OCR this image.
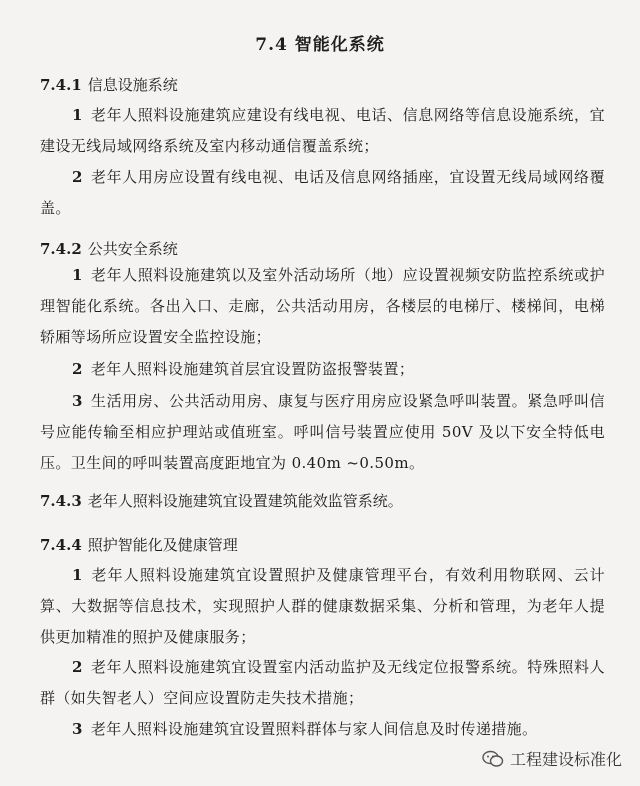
7.4 智能化系统
7.4.1 信息设施系统
1 老年人照料设施建筑应建设有线电视、电话、信息网络等信息设施系统，宜建设无线局域网络系统及室内移动通信覆盖系统；
2 老年人用房应设置有线电视、电话及信息网络插座，宜设置无线局域网络覆盖。
7.4.2 公共安全系统
1 老年人照料设施建筑以及室外活动场所（地）应设置视频安防监控系统或护理智能化系统。各出入口、走廊，公共活动用房，各楼层的电梯厅、楼梯间，电梯轿厢等场所应设置安全监控设施；
2 老年人照料设施建筑首层宜设置防盗报警装置；
3 生活用房、公共活动用房、康复与医疗用房应设紧急呼叫装置。紧急呼叫信号应能传输至相应护理站或值班室。呼叫信号装置应使用 50V 及以下安全特低电压。卫生间的呼叫装置高度距地宜为 0.40m ~0.50m。
7.4.3 老年人照料设施建筑宜设置建筑能效监管系统。
7.4.4 照护智能化及健康管理
1 老年人照料设施建筑宜设置照护及健康管理平台，有效利用物联网、云计算、大数据等信息技术，实现照护人群的健康数据采集、分析和管理，为老年人提供更加精准的照护及健康服务；
2 老年人照料设施建筑宜设置室内活动监护及无线定位报警系统。特殊照料人群（如失智老人）空间应设置防走失技术措施；
3 老年人照料设施建筑宜设置照料群体与家人间信息及时传递措施。
工程建设标准化
